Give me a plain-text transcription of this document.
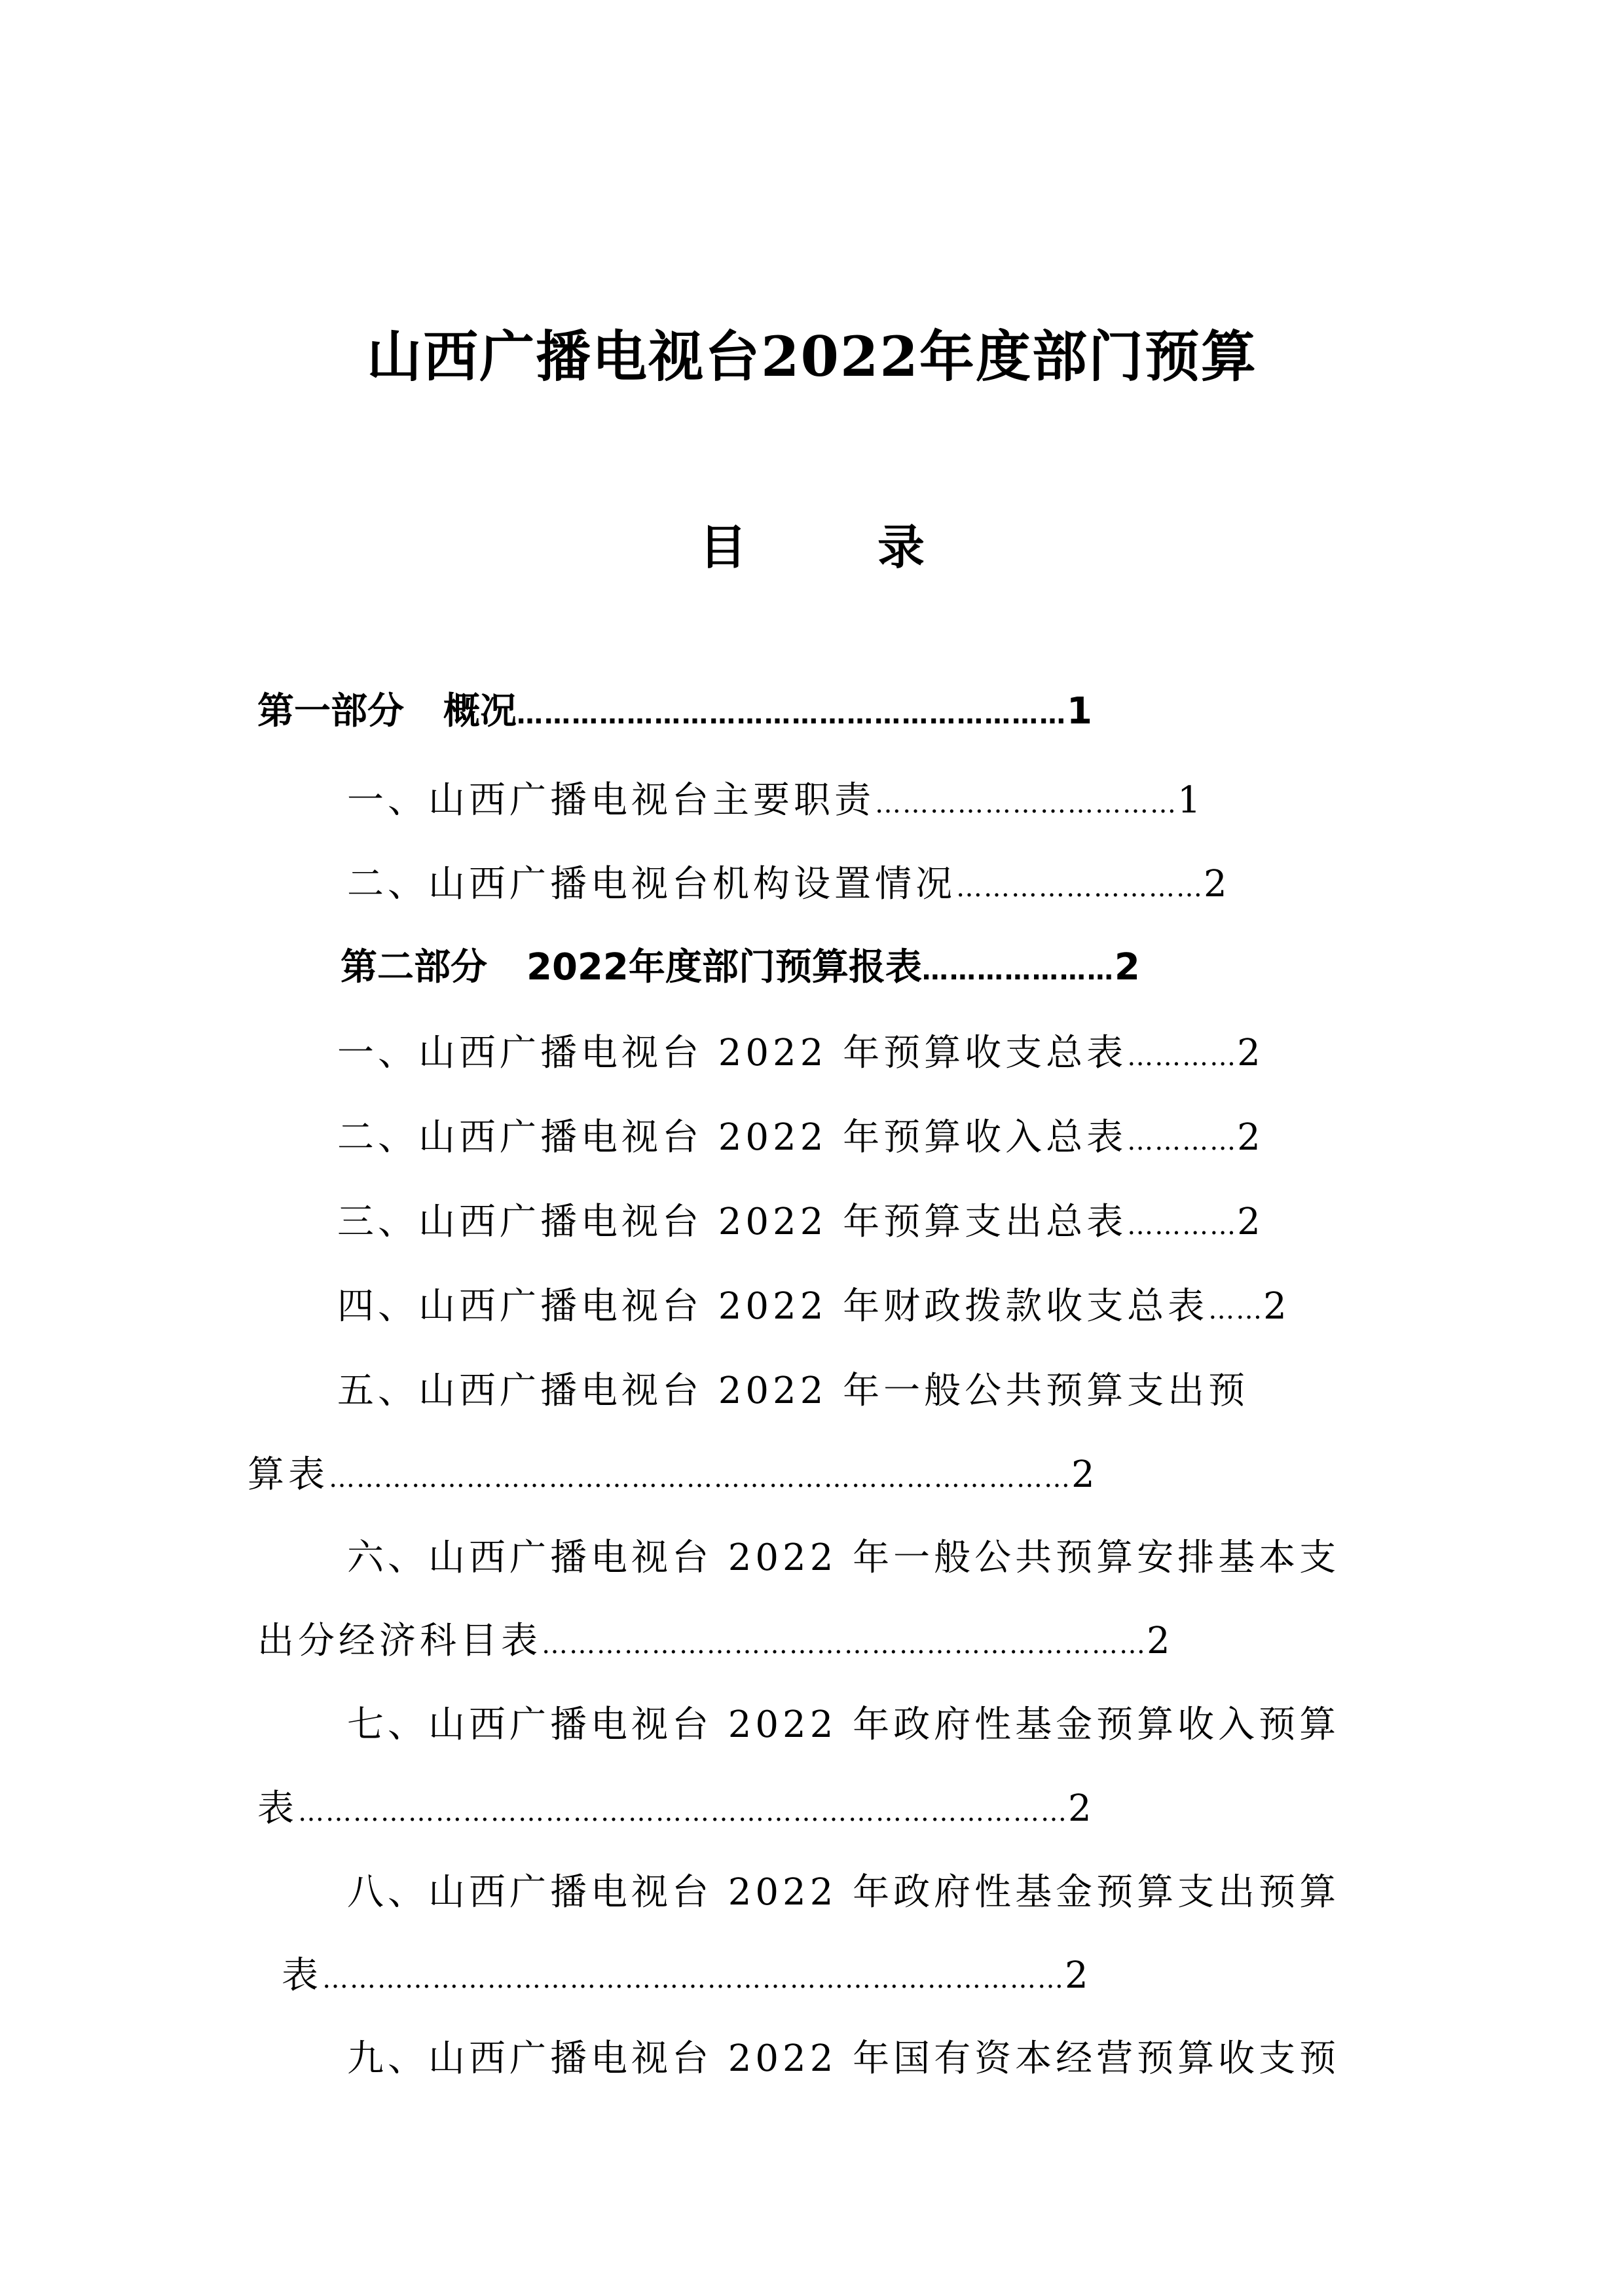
山西广播电视台2022年度部门预算
目	录
第一部分 概况……………………………………………………1
一、山西广播电视台主要职责……………………………1
二、山西广播电视台机构设置情况………………………2
第二部分 2022年度部门预算报表…………………2
一、山西广播电视台 2022 年预算收支总表…………2
二、山西广播电视台 2022 年预算收入总表…………2
三、山西广播电视台 2022 年预算支出总表…………2
四、山西广播电视台 2022 年财政拨款收支总表……2
五、山西广播电视台 2022 年一般公共预算支出预
算表………………………………………………………………………2
六、山西广播电视台 2022 年一般公共预算安排基本支
出分经济科目表…………………………………………………………2
七、山西广播电视台 2022 年政府性基金预算收入预算
表…………………………………………………………………………2
八、山西广播电视台 2022 年政府性基金预算支出预算
表………………………………………………………………………2
九、山西广播电视台 2022 年国有资本经营预算收支预
